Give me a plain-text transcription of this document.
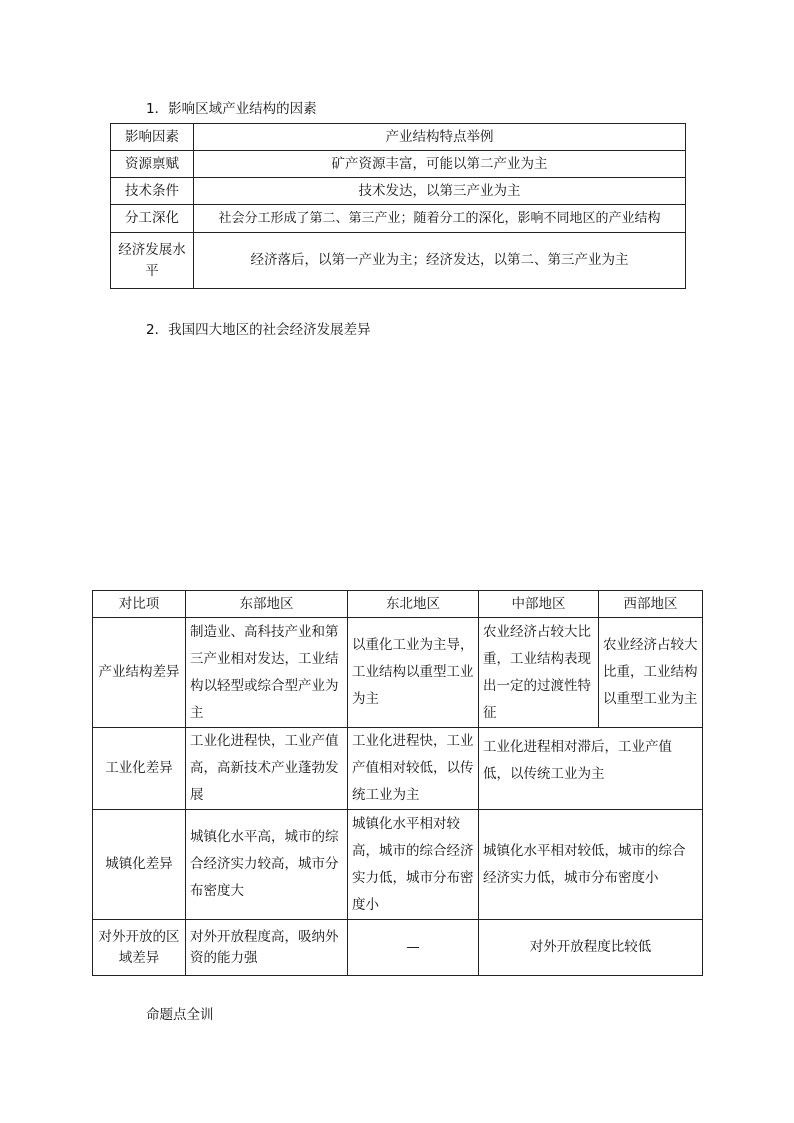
1．影响区域产业结构的因素

影响因素	产业结构特点举例
资源禀赋	矿产资源丰富，可能以第二产业为主
技术条件	技术发达，以第三产业为主
分工深化	社会分工形成了第二、第三产业；随着分工的深化，影响不同地区的产业结构
经济发展水平	经济落后，以第一产业为主；经济发达，以第二、第三产业为主

2．我国四大地区的社会经济发展差异

对比项	东部地区	东北地区	中部地区	西部地区
产业结构差异	制造业、高科技产业和第三产业相对发达，工业结构以轻型或综合型产业为主	以重化工业为主导，工业结构以重型工业为主	农业经济占较大比重，工业结构表现出一定的过渡性特征	农业经济占较大比重，工业结构以重型工业为主
工业化差异	工业化进程快，工业产值高，高新技术产业蓬勃发展	工业化进程快，工业产值相对较低，以传统工业为主	工业化进程相对滞后，工业产值低，以传统工业为主	
城镇化差异	城镇化水平高，城市的综合经济实力较高，城市分布密度大	城镇化水平相对较高，城市的综合经济实力低，城市分布密度小	城镇化水平相对较低，城市的综合经济实力低，城市分布密度小	
对外开放的区域差异	对外开放程度高，吸纳外资的能力强	—	对外开放程度比较低	

命题点全训
